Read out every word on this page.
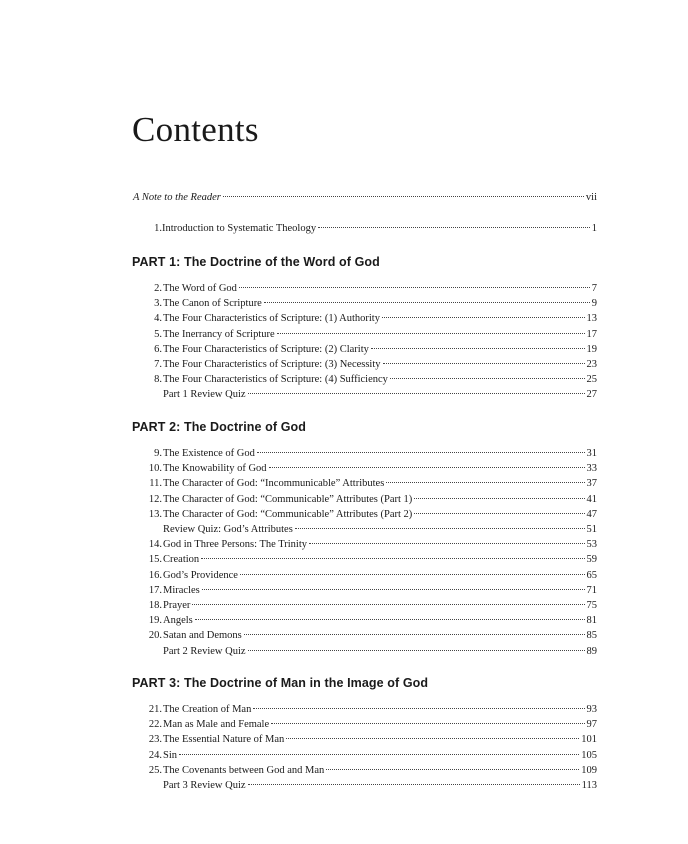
Contents
A Note to the Reader	vii
1. Introduction to Systematic Theology	1
PART 1: The Doctrine of the Word of God
2. The Word of God	7
3. The Canon of Scripture	9
4. The Four Characteristics of Scripture: (1) Authority	13
5. The Inerrancy of Scripture	17
6. The Four Characteristics of Scripture: (2) Clarity	19
7. The Four Characteristics of Scripture: (3) Necessity	23
8. The Four Characteristics of Scripture: (4) Sufficiency	25
Part 1 Review Quiz	27
PART 2: The Doctrine of God
9. The Existence of God	31
10. The Knowability of God	33
11. The Character of God: “Incommunicable” Attributes	37
12. The Character of God: “Communicable” Attributes (Part 1)	41
13. The Character of God: “Communicable” Attributes (Part 2)	47
Review Quiz: God’s Attributes	51
14. God in Three Persons: The Trinity	53
15. Creation	59
16. God’s Providence	65
17. Miracles	71
18. Prayer	75
19. Angels	81
20. Satan and Demons	85
Part 2 Review Quiz	89
PART 3: The Doctrine of Man in the Image of God
21. The Creation of Man	93
22. Man as Male and Female	97
23. The Essential Nature of Man	101
24. Sin	105
25. The Covenants between God and Man	109
Part 3 Review Quiz	113
